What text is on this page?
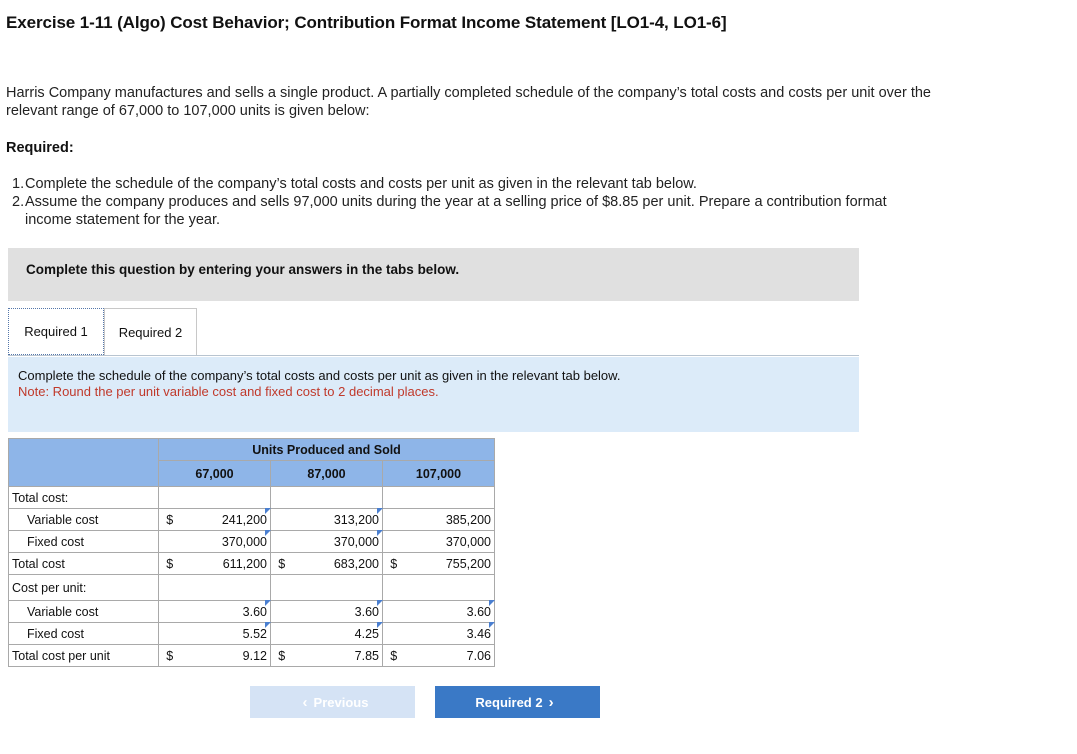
Exercise 1-11 (Algo) Cost Behavior; Contribution Format Income Statement [LO1-4, LO1-6]
Harris Company manufactures and sells a single product. A partially completed schedule of the company’s total costs and costs per unit over the relevant range of 67,000 to 107,000 units is given below:
Required:
1. Complete the schedule of the company’s total costs and costs per unit as given in the relevant tab below.
2. Assume the company produces and sells 97,000 units during the year at a selling price of $8.85 per unit. Prepare a contribution format income statement for the year.
Complete this question by entering your answers in the tabs below.
Required 1	Required 2
Complete the schedule of the company’s total costs and costs per unit as given in the relevant tab below.
Note: Round the per unit variable cost and fixed cost to 2 decimal places.
	Units Produced and Sold					
	67,000		87,000		107,000	
Total cost:						
Variable cost	$	241,200		313,200		385,200
Fixed cost		370,000		370,000		370,000
Total cost	$	611,200	$	683,200	$	755,200
Cost per unit:						
Variable cost		3.60		3.60		3.60
Fixed cost		5.52		4.25		3.46
Total cost per unit	$	9.12	$	7.85	$	7.06
‹ Previous	Required 2 ›
